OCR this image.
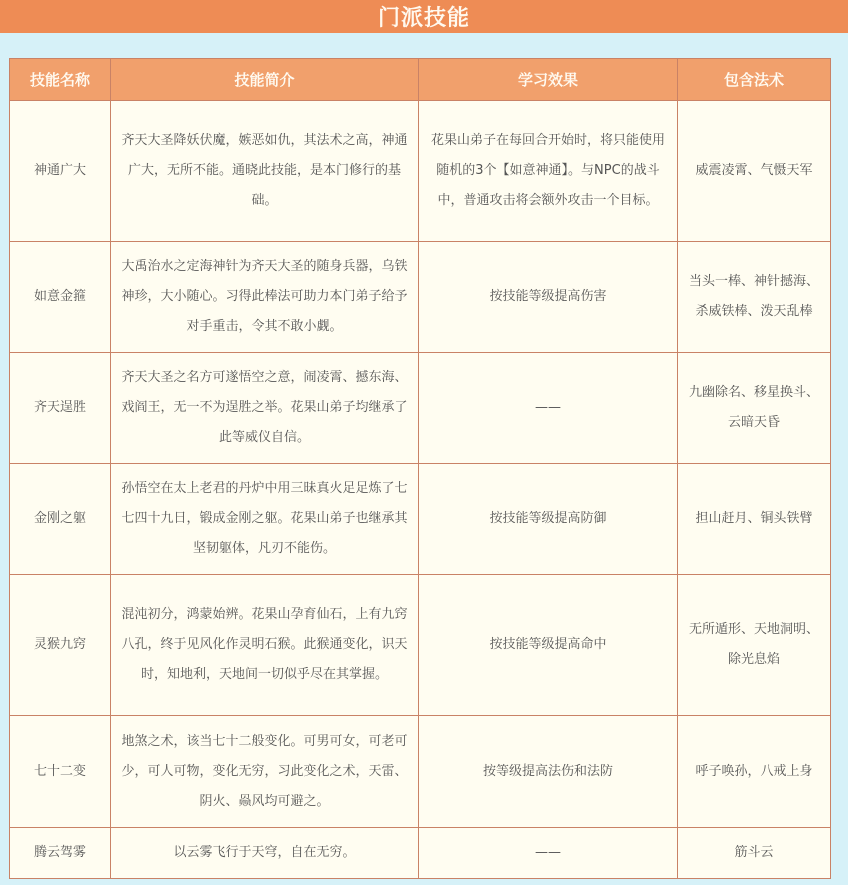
门派技能
技能名称	技能简介	学习效果	包含法术
神通广大	齐天大圣降妖伏魔，嫉恶如仇，其法术之高，神通广大，无所不能。通晓此技能，是本门修行的基础。	花果山弟子在每回合开始时，将只能使用随机的3个【如意神通】。与NPC的战斗中，普通攻击将会额外攻击一个目标。	威震凌霄、气慑天军
如意金箍	大禹治水之定海神针为齐天大圣的随身兵器，乌铁神珍，大小随心。习得此棒法可助力本门弟子给予对手重击，令其不敢小觑。	按技能等级提高伤害	当头一棒、神针撼海、杀威铁棒、泼天乱棒
齐天逞胜	齐天大圣之名方可遂悟空之意，闹凌霄、撼东海、戏阎王，无一不为逞胜之举。花果山弟子均继承了此等威仪自信。	——	九幽除名、移星换斗、云暗天昏
金刚之躯	孙悟空在太上老君的丹炉中用三昧真火足足炼了七七四十九日，锻成金刚之躯。花果山弟子也继承其坚韧躯体，凡刃不能伤。	按技能等级提高防御	担山赶月、铜头铁臂
灵猴九窍	混沌初分，鸿蒙始辨。花果山孕育仙石，上有九窍八孔，终于见风化作灵明石猴。此猴通变化，识天时，知地利，天地间一切似乎尽在其掌握。	按技能等级提高命中	无所遁形、天地洞明、除光息焰
七十二变	地煞之术，该当七十二般变化。可男可女，可老可少，可人可物，变化无穷，习此变化之术，天雷、阴火、赑风均可避之。	按等级提高法伤和法防	呼子唤孙，八戒上身
腾云驾雾	以云雾飞行于天穹，自在无穷。	——	筋斗云
